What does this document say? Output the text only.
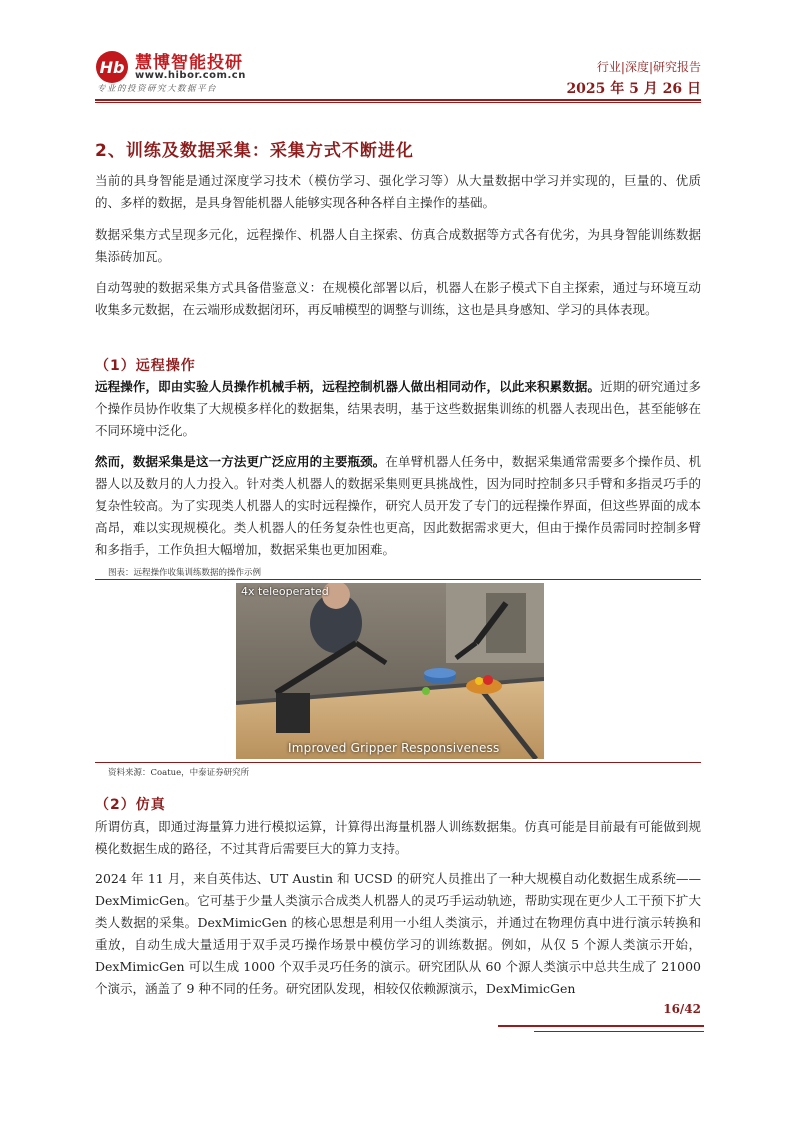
Hb 慧博智能投研
www.hibor.com.cn
专业的投资研究大数据平台
行业|深度|研究报告
2025 年 5 月 26 日
2、训练及数据采集：采集方式不断进化

当前的具身智能是通过深度学习技术（模仿学习、强化学习等）从大量数据中学习并实现的，巨量的、优质的、多样的数据，是具身智能机器人能够实现各种各样自主操作的基础。

数据采集方式呈现多元化，远程操作、机器人自主探索、仿真合成数据等方式各有优劣，为具身智能训练数据集添砖加瓦。

自动驾驶的数据采集方式具备借鉴意义：在规模化部署以后，机器人在影子模式下自主探索，通过与环境互动收集多元数据，在云端形成数据闭环，再反哺模型的调整与训练，这也是具身感知、学习的具体表现。

（1）远程操作

远程操作，即由实验人员操作机械手柄，远程控制机器人做出相同动作，以此来积累数据。近期的研究通过多个操作员协作收集了大规模多样化的数据集，结果表明，基于这些数据集训练的机器人表现出色，甚至能够在不同环境中泛化。

然而，数据采集是这一方法更广泛应用的主要瓶颈。在单臂机器人任务中，数据采集通常需要多个操作员、机器人以及数月的人力投入。针对类人机器人的数据采集则更具挑战性，因为同时控制多只手臂和多指灵巧手的复杂性较高。为了实现类人机器人的实时远程操作，研究人员开发了专门的远程操作界面，但这些界面的成本高昂，难以实现规模化。类人机器人的任务复杂性也更高，因此数据需求更大，但由于操作员需同时控制多臂和多指手，工作负担大幅增加，数据采集也更加困难。

图表：远程操作收集训练数据的操作示例
4x teleoperated
Improved Gripper Responsiveness
资料来源：Coatue，中泰证券研究所
（2）仿真

所谓仿真，即通过海量算力进行模拟运算，计算得出海量机器人训练数据集。仿真可能是目前最有可能做到规模化数据生成的路径，不过其背后需要巨大的算力支持。

2024 年 11 月，来自英伟达、UT Austin 和 UCSD 的研究人员推出了一种大规模自动化数据生成系统——DexMimicGen。它可基于少量人类演示合成类人机器人的灵巧手运动轨迹，帮助实现在更少人工干预下扩大类人数据的采集。DexMimicGen 的核心思想是利用一小组人类演示，并通过在物理仿真中进行演示转换和重放，自动生成大量适用于双手灵巧操作场景中模仿学习的训练数据。例如，从仅 5 个源人类演示开始，DexMimicGen 可以生成 1000 个双手灵巧任务的演示。研究团队从 60 个源人类演示中总共生成了 21000 个演示，涵盖了 9 种不同的任务。研究团队发现，相较仅依赖源演示，DexMimicGen

16/42
